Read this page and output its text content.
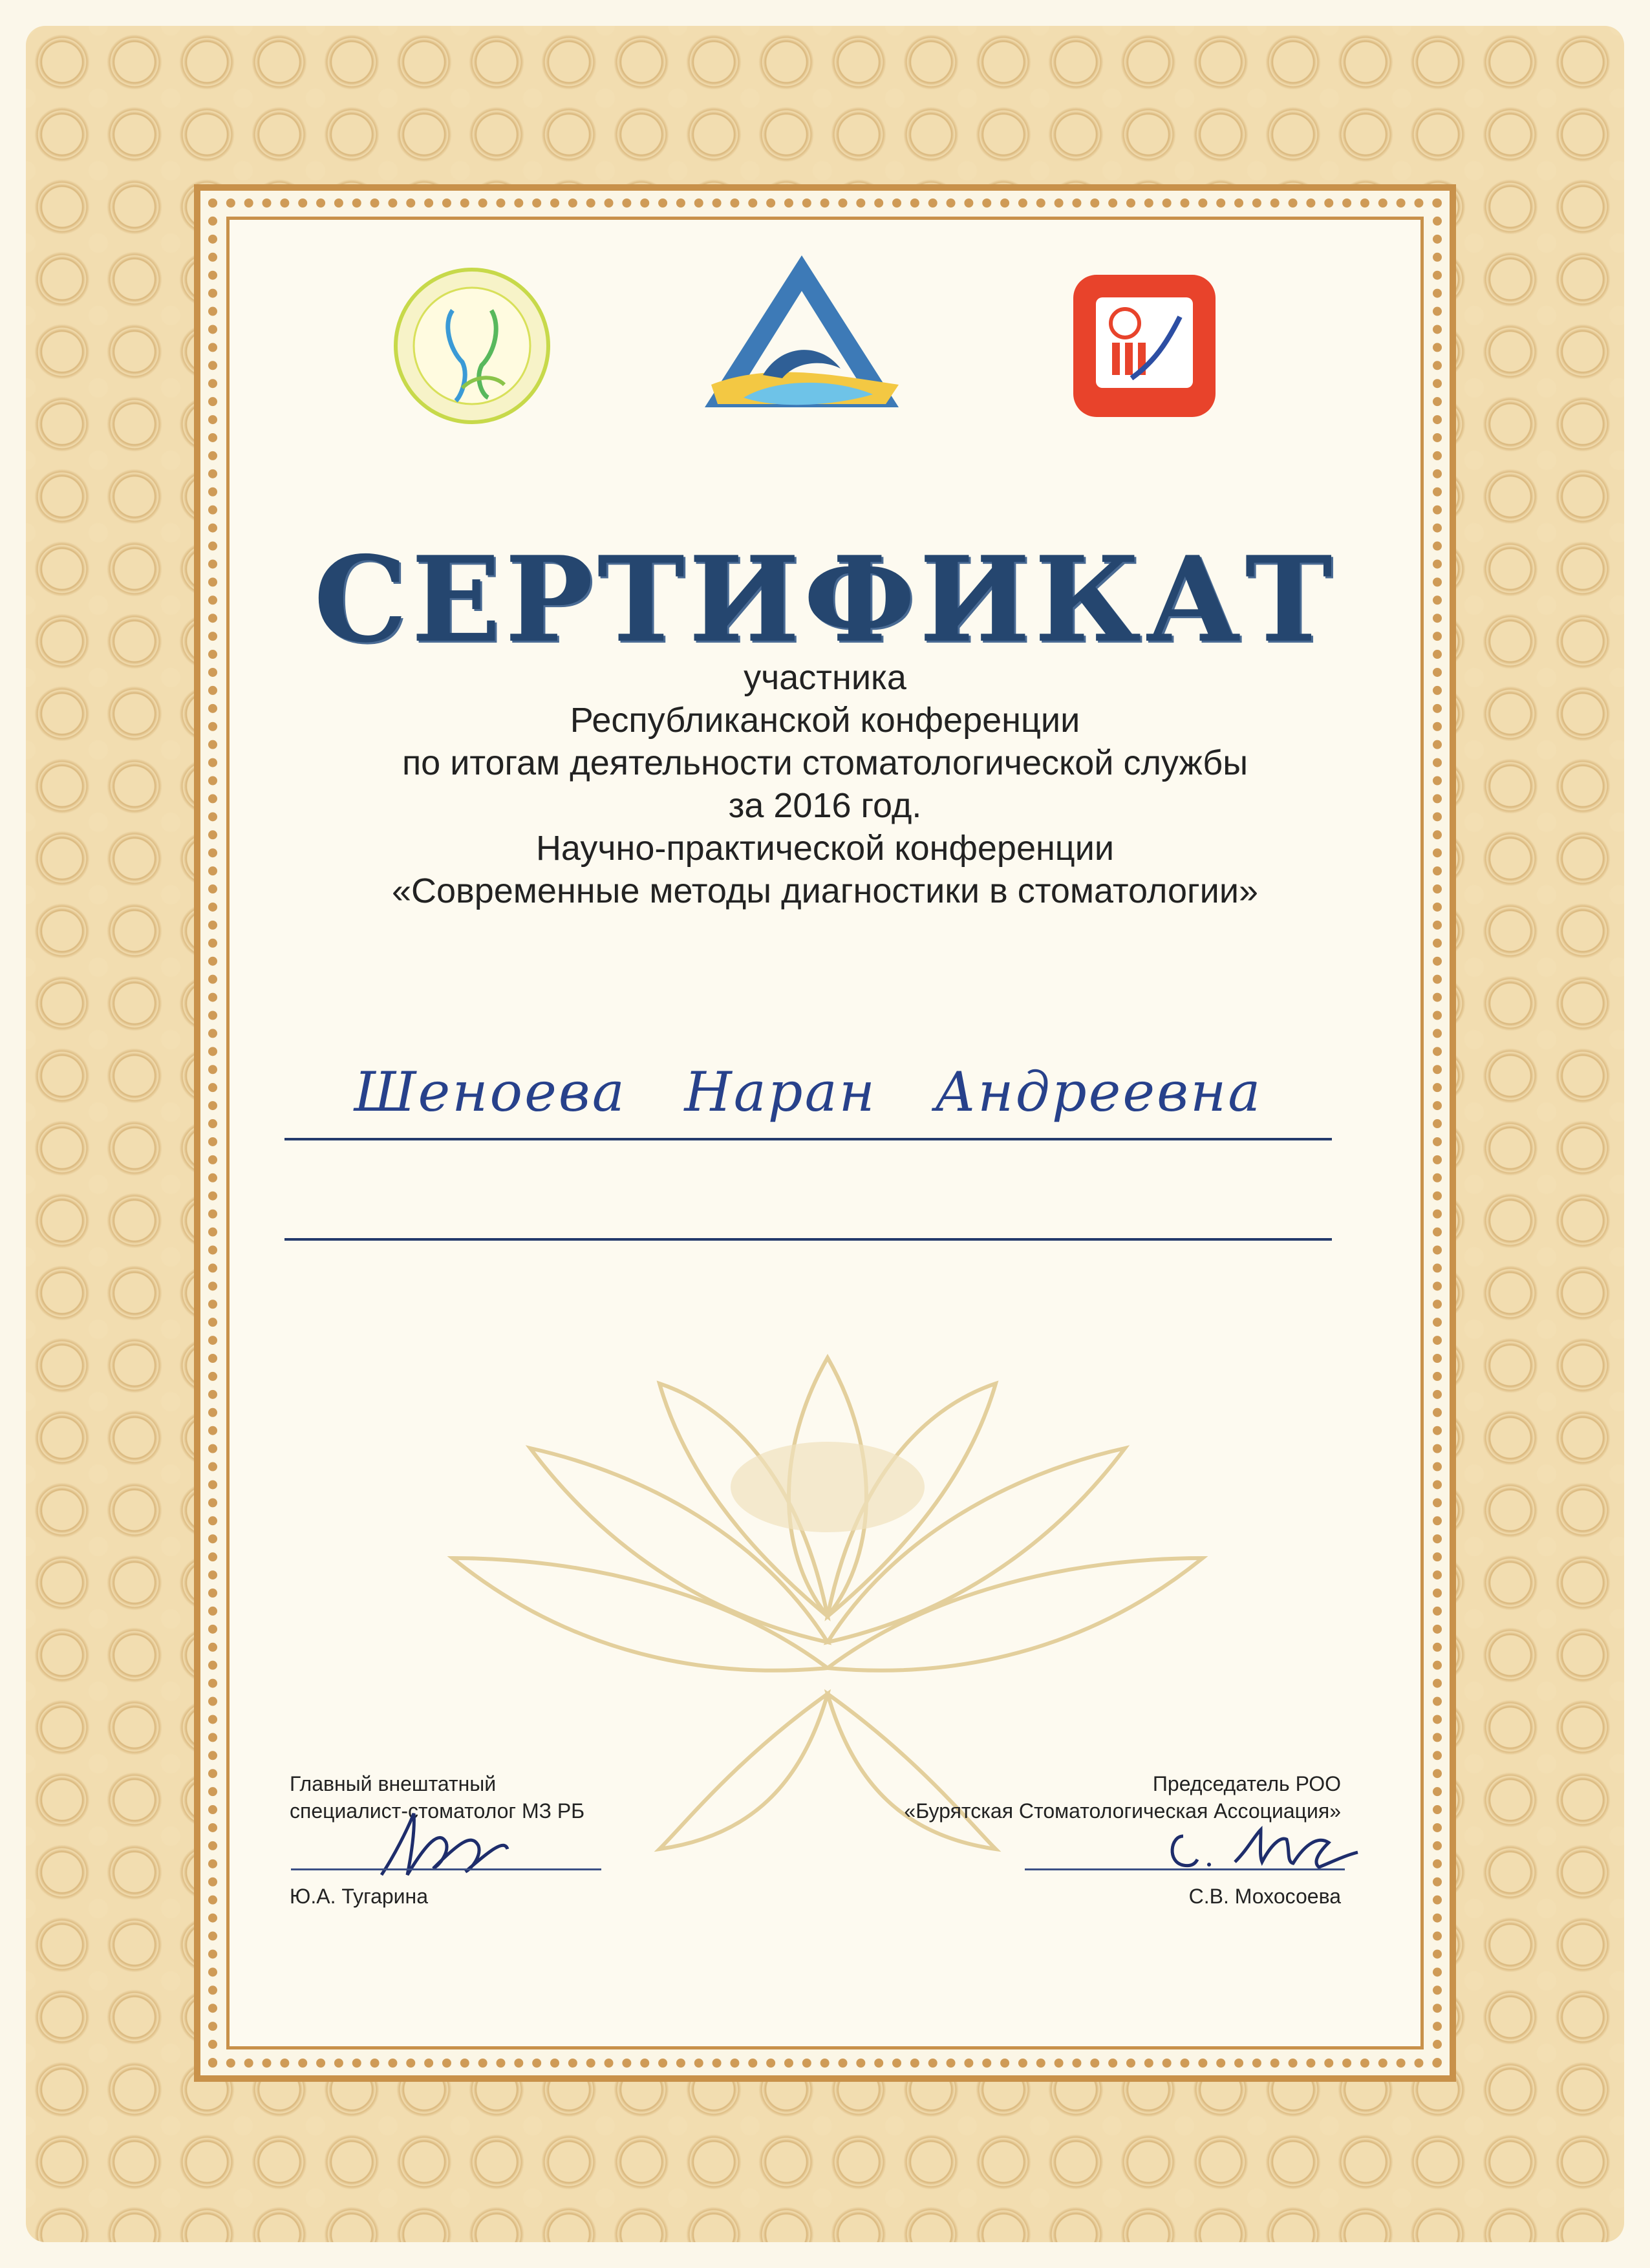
СЕРТИФИКАТ
участника
Республиканской конференции
по итогам деятельности стоматологической службы
за 2016 год.
Научно-практической конференции
«Современные методы диагностики в стоматологии»
Шеноева Наран Андреевна
Главный внештатный
специалист-стоматолог МЗ РБ
Председатель РОО
«Бурятская Стоматологическая Ассоциация»
Ю.А. Тугарина	С.В. Мохосоева
